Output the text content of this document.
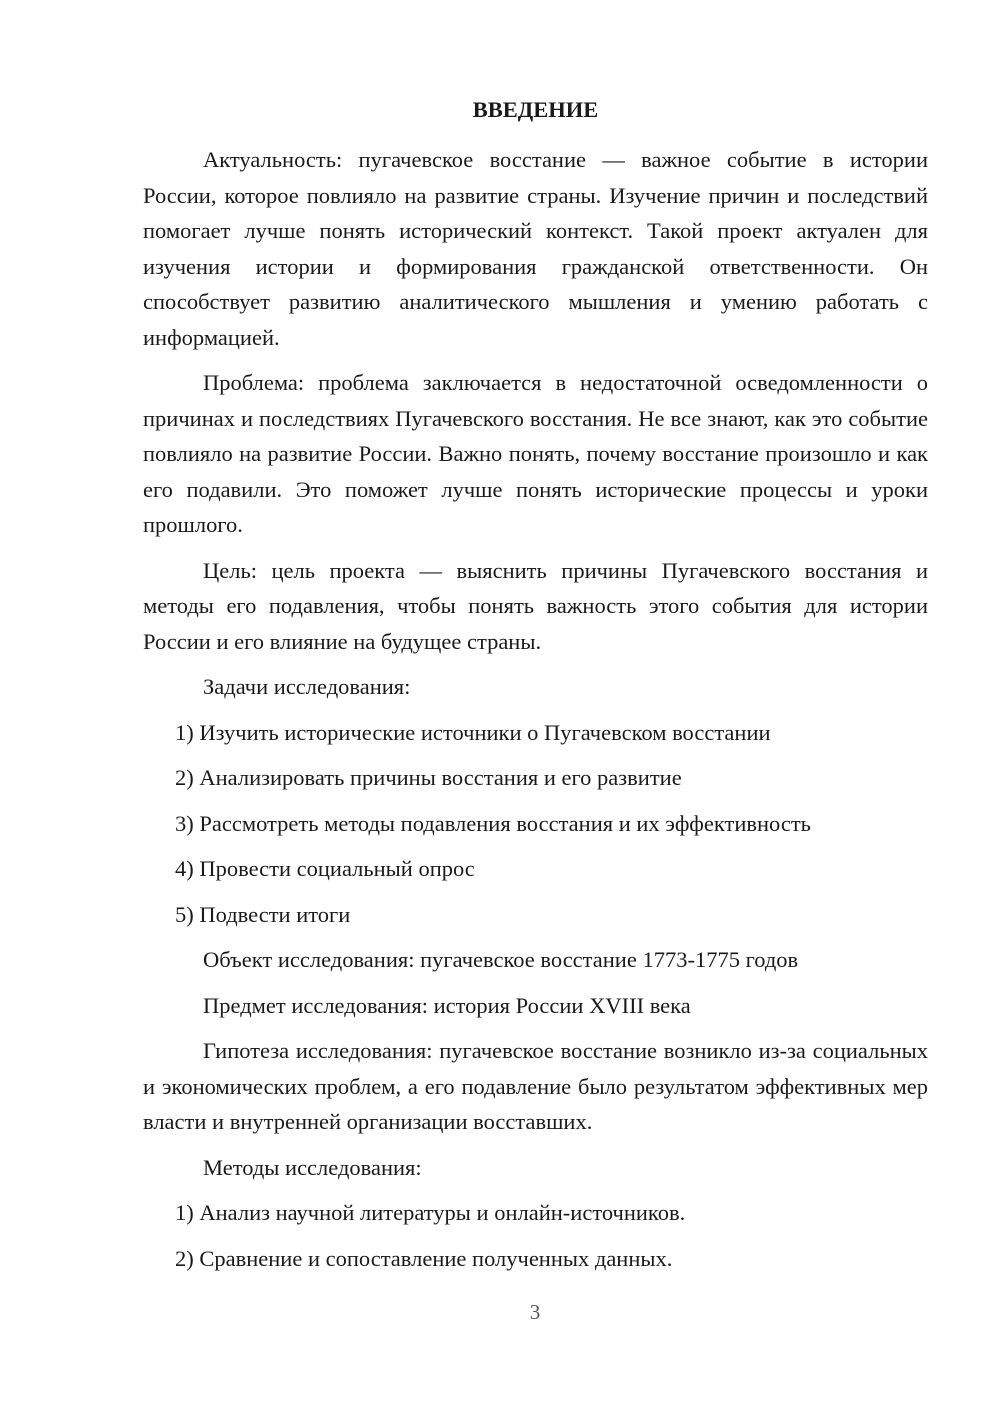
ВВЕДЕНИЕ

Актуальность: пугачевское восстание — важное событие в истории России, которое повлияло на развитие страны. Изучение причин и последствий помогает лучше понять исторический контекст. Такой проект актуален для изучения истории и формирования гражданской ответственности. Он способствует развитию аналитического мышления и умению работать с информацией.

Проблема: проблема заключается в недостаточной осведомленности о причинах и последствиях Пугачевского восстания. Не все знают, как это событие повлияло на развитие России. Важно понять, почему восстание произошло и как его подавили. Это поможет лучше понять исторические процессы и уроки прошлого.

Цель: цель проекта — выяснить причины Пугачевского восстания и методы его подавления, чтобы понять важность этого события для истории России и его влияние на будущее страны.

Задачи исследования:
1) Изучить исторические источники о Пугачевском восстании
2) Анализировать причины восстания и его развитие
3) Рассмотреть методы подавления восстания и их эффективность
4) Провести социальный опрос
5) Подвести итоги
Объект исследования: пугачевское восстание 1773-1775 годов
Предмет исследования: история России XVIII века

Гипотеза исследования: пугачевское восстание возникло из-за социальных и экономических проблем, а его подавление было результатом эффективных мер власти и внутренней организации восставших.

Методы исследования:
1) Анализ научной литературы и онлайн-источников.
2) Сравнение и сопоставление полученных данных.
3
